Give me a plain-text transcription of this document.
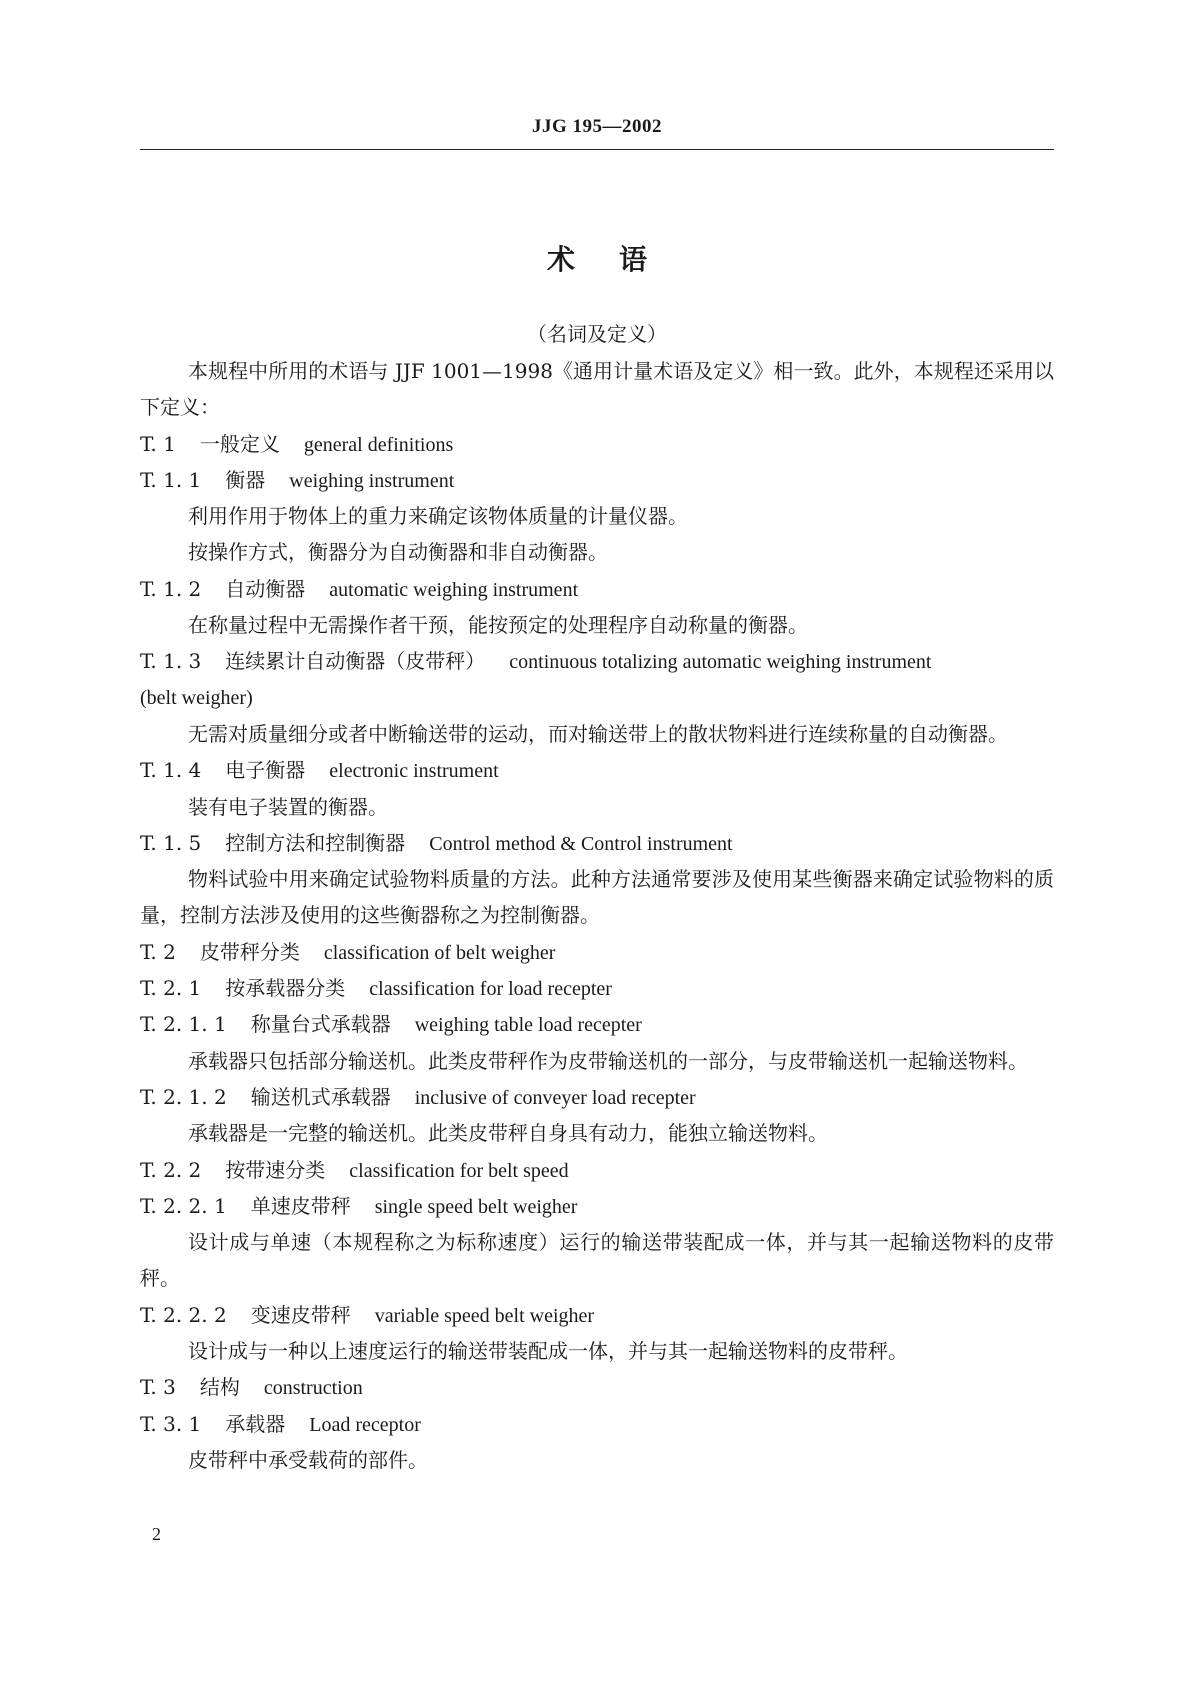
JJG 195—2002
术语
（名词及定义）
本规程中所用的术语与 JJF 1001—1998《通用计量术语及定义》相一致。此外，本规程还采用以下定义：
T. 1 一般定义 general definitions
T. 1. 1 衡器 weighing instrument
利用作用于物体上的重力来确定该物体质量的计量仪器。
按操作方式，衡器分为自动衡器和非自动衡器。
T. 1. 2 自动衡器 automatic weighing instrument
在称量过程中无需操作者干预，能按预定的处理程序自动称量的衡器。
T. 1. 3 连续累计自动衡器（皮带秤） continuous totalizing automatic weighing instrument
(belt weigher)
无需对质量细分或者中断输送带的运动，而对输送带上的散状物料进行连续称量的自动衡器。
T. 1. 4 电子衡器 electronic instrument
装有电子装置的衡器。
T. 1. 5 控制方法和控制衡器 Control method & Control instrument
物料试验中用来确定试验物料质量的方法。此种方法通常要涉及使用某些衡器来确定试验物料的质量，控制方法涉及使用的这些衡器称之为控制衡器。
T. 2 皮带秤分类 classification of belt weigher
T. 2. 1 按承载器分类 classification for load recepter
T. 2. 1. 1 称量台式承载器 weighing table load recepter
承载器只包括部分输送机。此类皮带秤作为皮带输送机的一部分，与皮带输送机一起输送物料。
T. 2. 1. 2 输送机式承载器 inclusive of conveyer load recepter
承载器是一完整的输送机。此类皮带秤自身具有动力，能独立输送物料。
T. 2. 2 按带速分类 classification for belt speed
T. 2. 2. 1 单速皮带秤 single speed belt weigher
设计成与单速（本规程称之为标称速度）运行的输送带装配成一体，并与其一起输送物料的皮带秤。
T. 2. 2. 2 变速皮带秤 variable speed belt weigher
设计成与一种以上速度运行的输送带装配成一体，并与其一起输送物料的皮带秤。
T. 3 结构 construction
T. 3. 1 承载器 Load receptor
皮带秤中承受载荷的部件。
2
